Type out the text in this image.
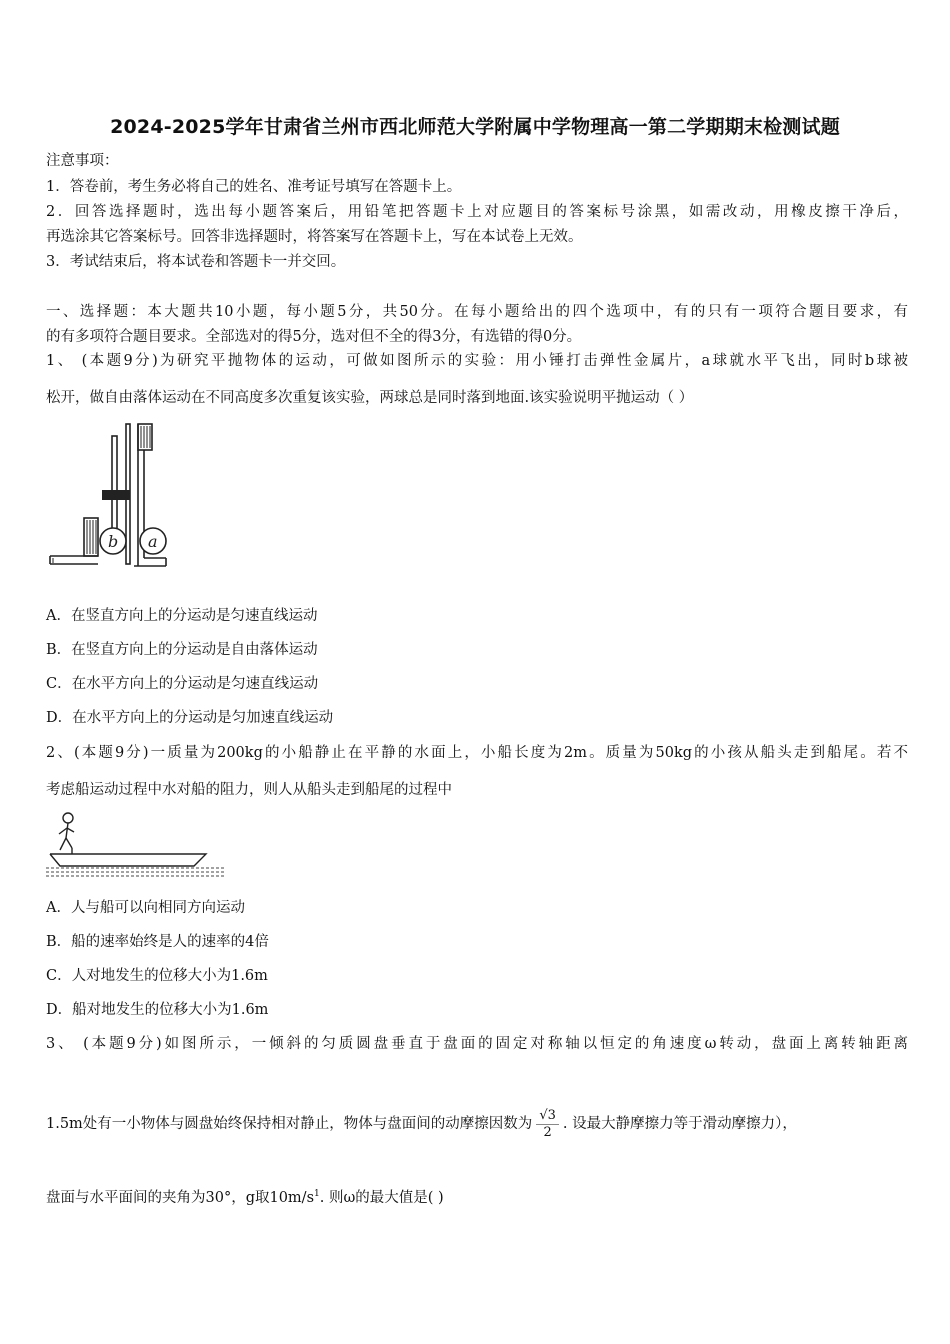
2024-2025学年甘肃省兰州市西北师范大学附属中学物理高一第二学期期末检测试题
注意事项：
1．答卷前，考生务必将自己的姓名、准考证号填写在答题卡上。
2．回答选择题时，选出每小题答案后，用铅笔把答题卡上对应题目的答案标号涂黑，如需改动，用橡皮擦干净后，
再选涂其它答案标号。回答非选择题时，将答案写在答题卡上，写在本试卷上无效。
3．考试结束后，将本试卷和答题卡一并交回。
一、选择题：本大题共10小题，每小题5分，共50分。在每小题给出的四个选项中，有的只有一项符合题目要求，有
的有多项符合题目要求。全部选对的得5分，选对但不全的得3分，有选错的得0分。
1、 (本题9分)为研究平抛物体的运动，可做如图所示的实验：用小锤打击弹性金属片，a球就水平飞出，同时b球被
松开，做自由落体运动在不同高度多次重复该实验，两球总是同时落到地面.该实验说明平抛运动（ ）
b a
A．在竖直方向上的分运动是匀速直线运动
B．在竖直方向上的分运动是自由落体运动
C．在水平方向上的分运动是匀速直线运动
D．在水平方向上的分运动是匀加速直线运动
2、(本题9分)一质量为200kg的小船静止在平静的水面上，小船长度为2m。质量为50kg的小孩从船头走到船尾。若不
考虑船运动过程中水对船的阻力，则人从船头走到船尾的过程中
A．人与船可以向相同方向运动
B．船的速率始终是人的速率的4倍
C．人对地发生的位移大小为1.6m
D．船对地发生的位移大小为1.6m
3、 (本题9分)如图所示，一倾斜的匀质圆盘垂直于盘面的固定对称轴以恒定的角速度ω转动，盘面上离转轴距离
1.5m处有一小物体与圆盘始终保持相对静止，物体与盘面间的动摩擦因数为 $\frac{√3}{2}$ . 设最大静摩擦力等于滑动摩擦力），
盘面与水平面间的夹角为30°，g取$10m/s^1$. 则ω的最大值是( )
